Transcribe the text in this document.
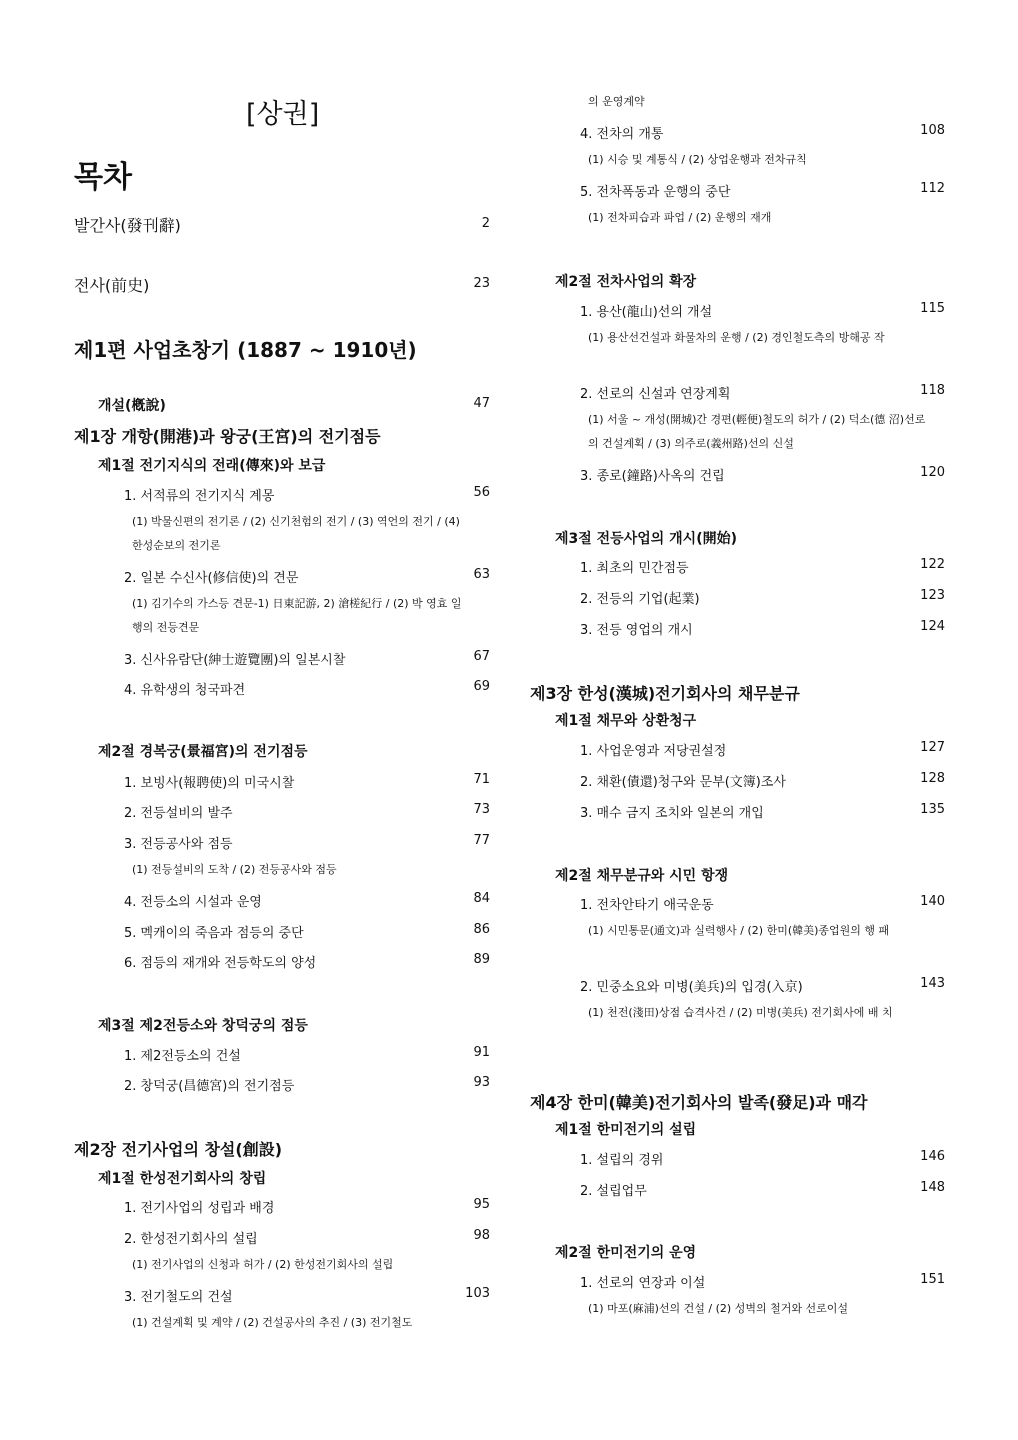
[상권]
목차
발간사(發刊辭)	2
전사(前史)	23
제1편 사업초창기 (1887 ~ 1910년)
개설(槪說)	47
제1장 개항(開港)과 왕궁(王宮)의 전기점등
제1절 전기지식의 전래(傳來)와 보급
1. 서적류의 전기지식 계몽	56
(1) 박물신편의 전기론 / (2) 신기천험의 전기 / (3) 역언의 전기 / (4) 한성순보의 전기론
2. 일본 수신사(修信使)의 견문	63
(1) 김기수의 가스등 견문-1) 日東記游, 2) 滄槎紀行 / (2) 박 영효 일행의 전등견문
3. 신사유람단(紳士遊覽團)의 일본시찰	67
4. 유학생의 청국파견	69
제2절 경복궁(景福宮)의 전기점등
1. 보빙사(報聘使)의 미국시찰	71
2. 전등설비의 발주	73
3. 전등공사와 점등	77
(1) 전등설비의 도착 / (2) 전등공사와 점등
4. 전등소의 시설과 운영	84
5. 멕캐이의 죽음과 점등의 중단	86
6. 점등의 재개와 전등학도의 양성	89
제3절 제2전등소와 창덕궁의 점등
1. 제2전등소의 건설	91
2. 창덕궁(昌德宮)의 전기점등	93
제2장 전기사업의 창설(創設)
제1절 한성전기회사의 창립
1. 전기사업의 성립과 배경	95
2. 한성전기회사의 설립	98
(1) 전기사업의 신청과 허가 / (2) 한성전기회사의 설립
3. 전기철도의 건설	103
(1) 건설계획 및 계약 / (2) 건설공사의 추진 / (3) 전기철도
의 운영계약
4. 전차의 개통	108
(1) 시승 및 계통식 / (2) 상업운행과 전차규칙
5. 전차폭동과 운행의 중단	112
(1) 전차피습과 파업 / (2) 운행의 재개
제2절 전차사업의 확장
1. 용산(龍山)선의 개설	115
(1) 용산선건설과 화물차의 운행 / (2) 경인철도측의 방해공 작
2. 선로의 신설과 연장계획	118
(1) 서울 ~ 개성(開城)간 경편(輕便)철도의 허가 / (2) 덕소(德 沼)선로의 건설계획 / (3) 의주로(義州路)선의 신설
3. 종로(鐘路)사옥의 건립	120
제3절 전등사업의 개시(開始)
1. 최초의 민간점등	122
2. 전등의 기업(起業)	123
3. 전등 영업의 개시	124
제3장 한성(漢城)전기회사의 채무분규
제1절 채무와 상환청구
1. 사업운영과 저당권설정	127
2. 채환(債還)청구와 문부(文簿)조사	128
3. 매수 금지 조치와 일본의 개입	135
제2절 채무분규와 시민 항쟁
1. 전차안타기 애국운동	140
(1) 시민통문(通文)과 실력행사 / (2) 한미(韓美)종업원의 행 패
2. 민중소요와 미병(美兵)의 입경(入京)	143
(1) 천전(淺田)상점 습격사건 / (2) 미병(美兵) 전기회사에 배 치
제4장 한미(韓美)전기회사의 발족(發足)과 매각
제1절 한미전기의 설립
1. 설립의 경위	146
2. 설립업무	148
제2절 한미전기의 운영
1. 선로의 연장과 이설	151
(1) 마포(麻浦)선의 건설 / (2) 성벽의 철거와 선로이설
